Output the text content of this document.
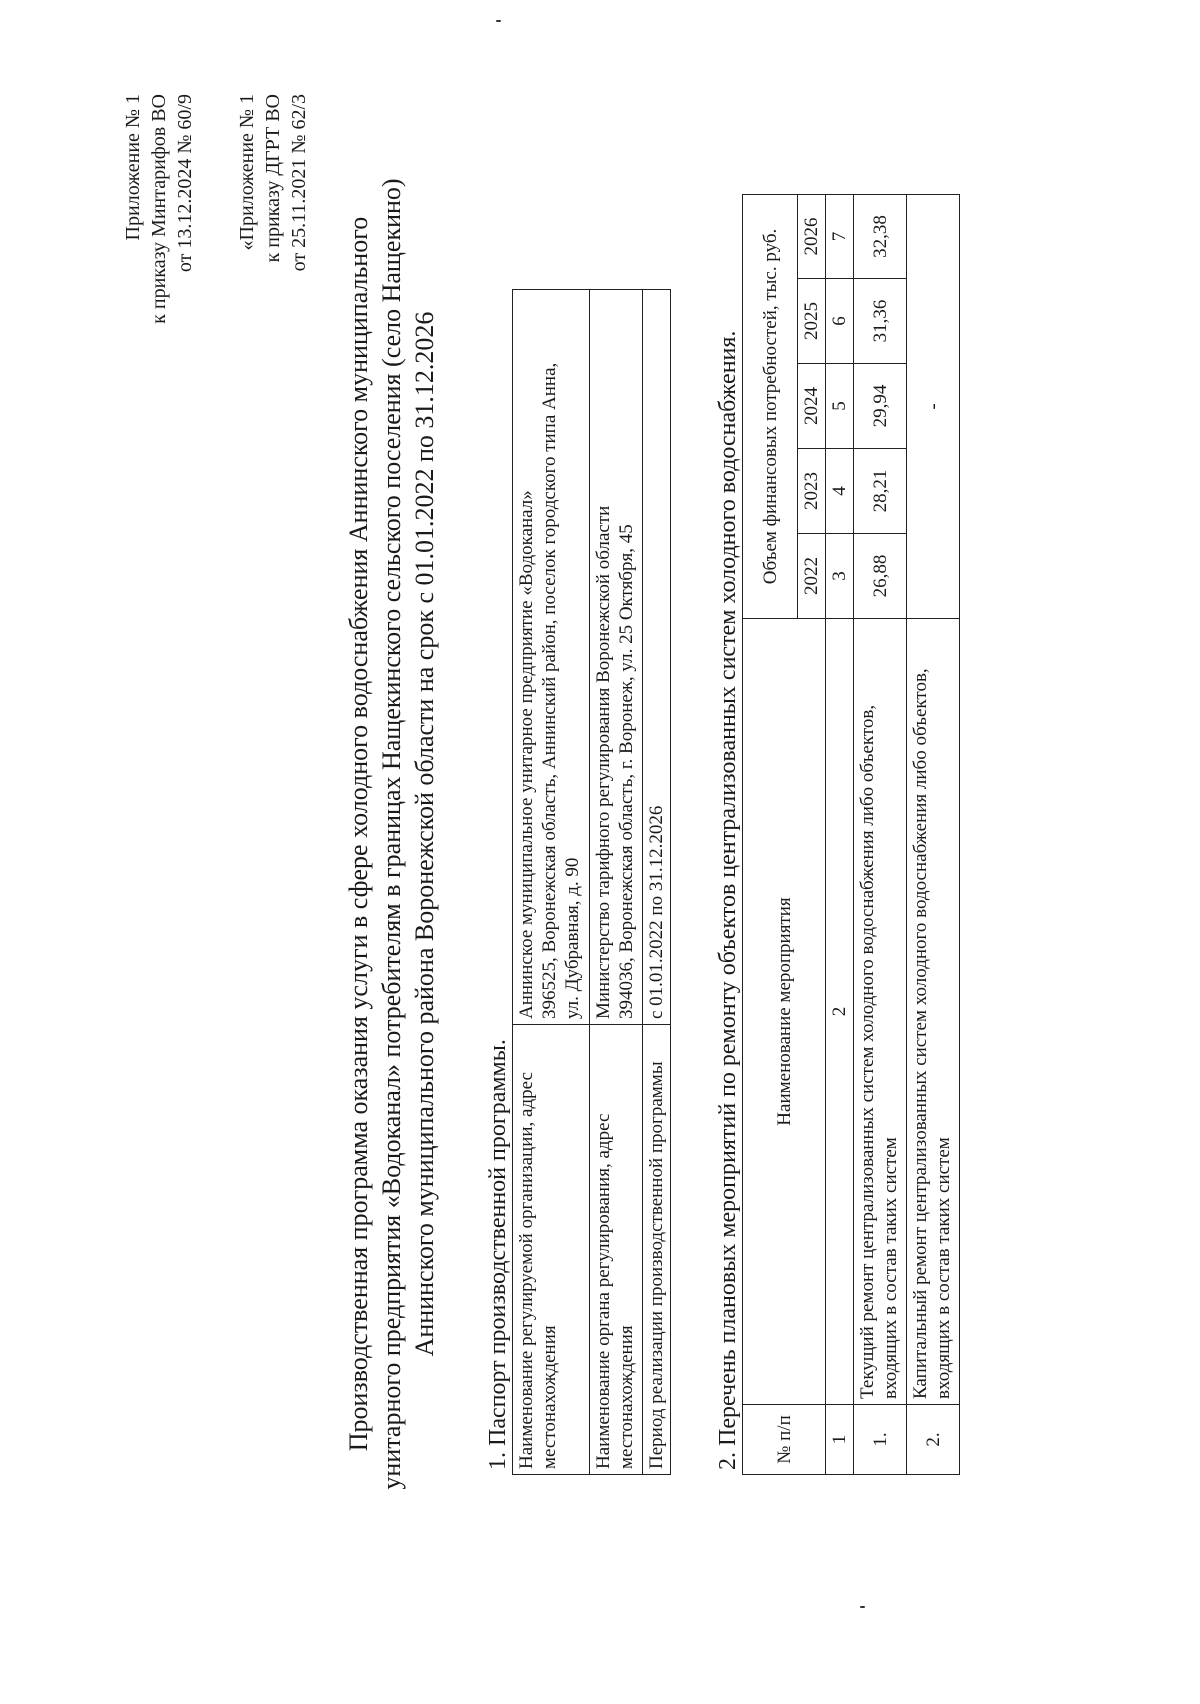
Приложение № 1 к приказу Минтарифов ВО от 13.12.2024 № 60/9 «Приложение № 1 к приказу ДГРТ ВО от 25.11.2021 № 62/3
Производственная программа оказания услуги в сфере холодного водоснабжения Аннинского муниципального унитарного предприятия «Водоканал» потребителям в границах Нащекинского сельского поселения (село Нащекино) Аннинского муниципального района Воронежской области на срок с 01.01.2022 по 31.12.2026 1. Паспорт производственной программы. Наименование регулируемой организации, адрес местонахождения	Аннинское муниципальное унитарное предприятие «Водоканал» 396525, Воронежская область, Аннинский район, поселок городского типа Анна, ул. Дубравная, д. 90

Наименование органа регулирования, адрес местонахождения	Министерство тарифного регулирования Воронежской области 394036, Воронежская область, г. Воронеж, ул. 25 Октября, 45

Период реализации производственной программы	с 01.01.2022 по 31.12.2026 2. Перечень плановых мероприятий по ремонту объектов централизованных систем холодного водоснабжения. № п/п	Наименование мероприятия	Объем финансовых потребностей, тыс. руб.				
		2022	2023	2024	2025	2026
1	2	3	4	5	6	7
1.	Текущий ремонт централизованных систем холодного водоснабжения либо объектов, входящих в состав таких систем	26,88	28,21	29,94	31,36	32,38
2.	Капитальный ремонт централизованных систем холодного водоснабжения либо объектов, входящих в состав таких систем	-				
